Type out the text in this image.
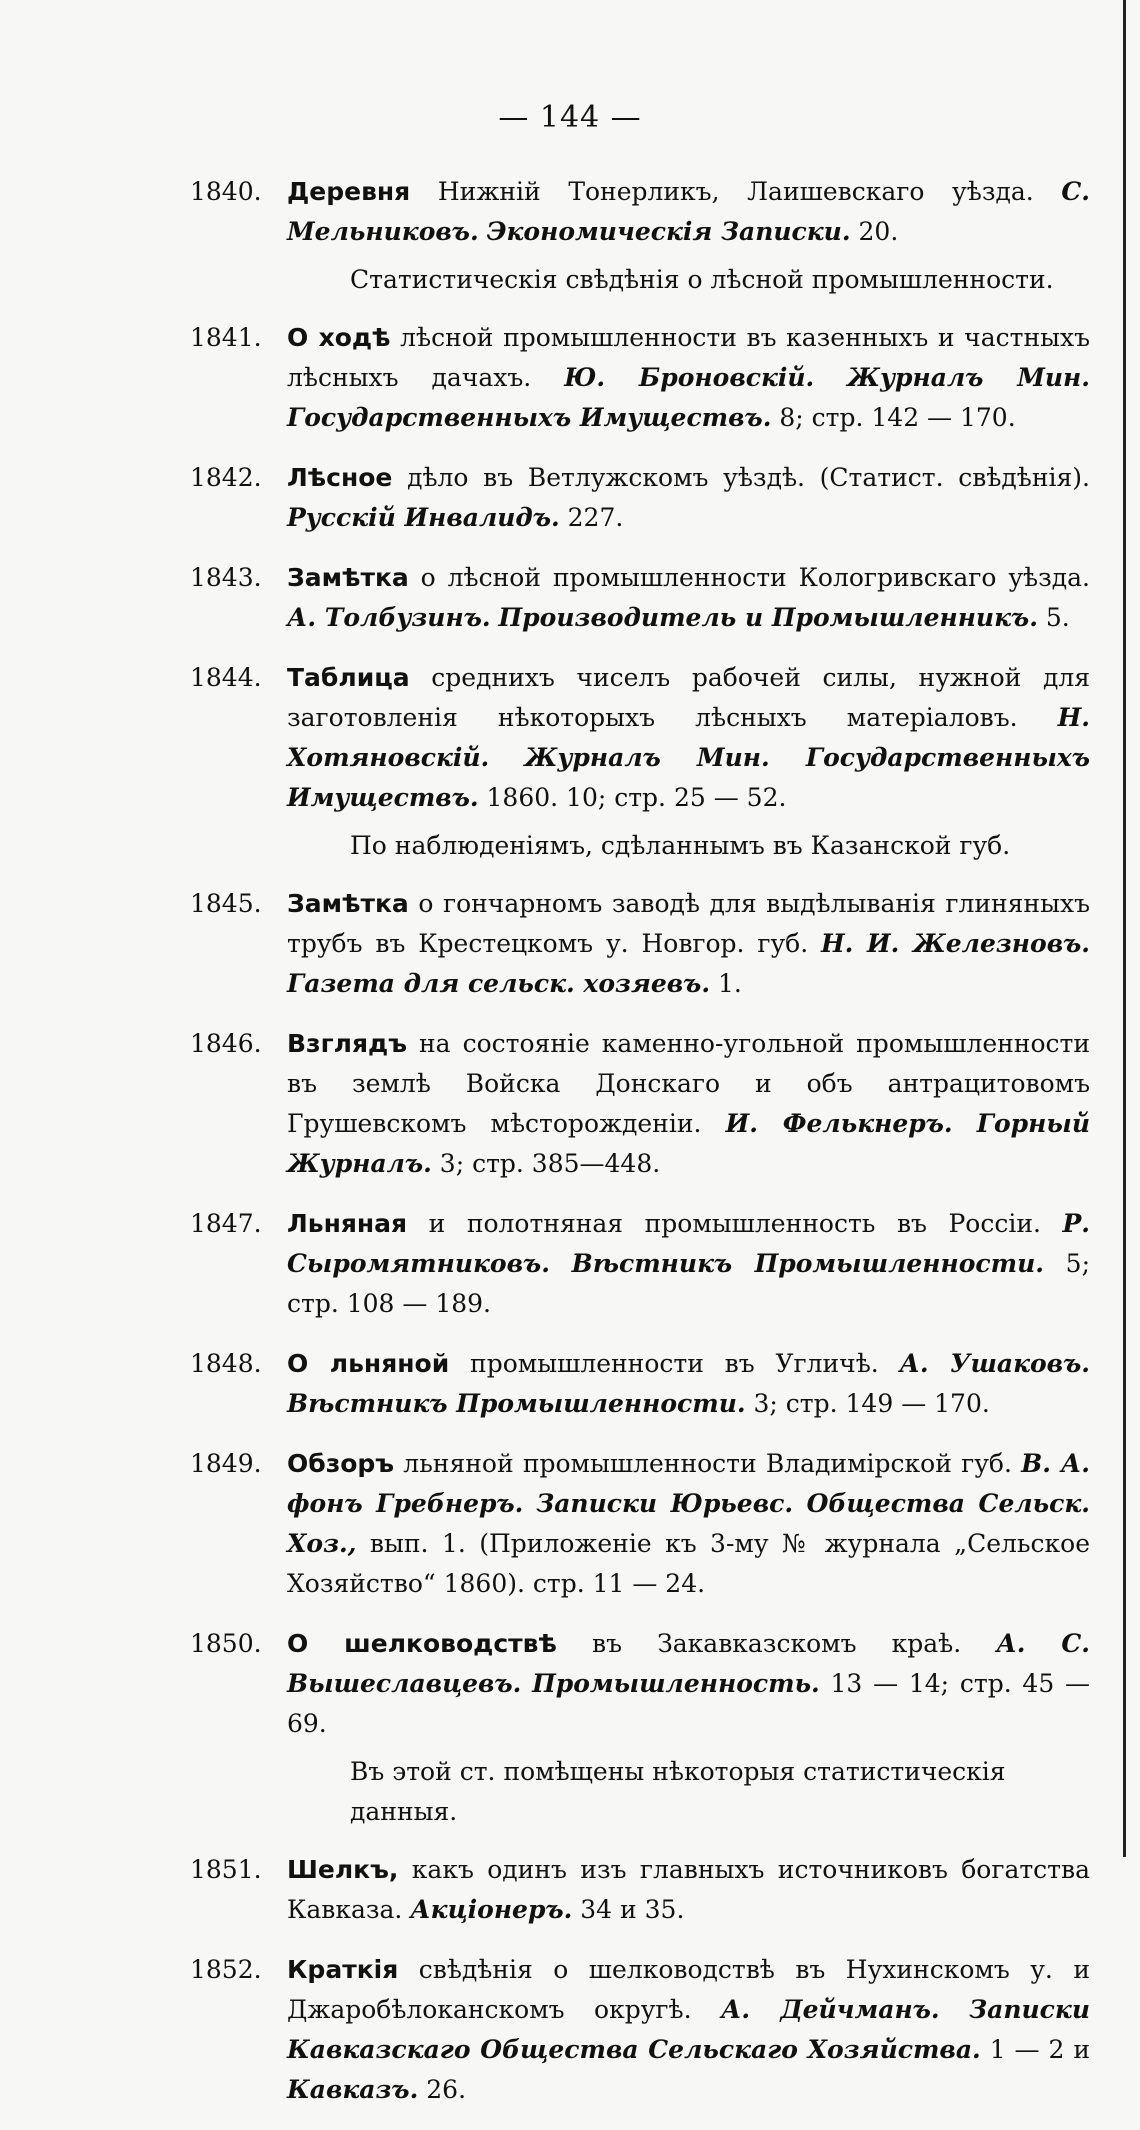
— 144 —
1840.	Деревня Нижній Тонерликъ, Лаишевскаго уѣзда. С. Мельниковъ. Экономическія Записки. 20.
Статистическія свѣдѣнія о лѣсной промышленности.
1841.	О ходѣ лѣсной промышленности въ казенныхъ и частныхъ лѣсныхъ дачахъ. Ю. Броновскій. Журналъ Мин. Государственныхъ Имуществъ. 8; стр. 142 — 170.
1842.	Лѣсное дѣло въ Ветлужскомъ уѣздѣ. (Статист. свѣдѣнія). Русскій Инвалидъ. 227.
1843.	Замѣтка о лѣсной промышленности Кологривскаго уѣзда. А. Толбузинъ. Производитель и Промышленникъ. 5.
1844.	Таблица среднихъ чиселъ рабочей силы, нужной для заготовленія нѣкоторыхъ лѣсныхъ матеріаловъ. Н. Хотяновскій. Журналъ Мин. Государственныхъ Имуществъ. 1860. 10; стр. 25 — 52.
По наблюденіямъ, сдѣланнымъ въ Казанской губ.
1845.	Замѣтка о гончарномъ заводѣ для выдѣлыванія глиняныхъ трубъ въ Крестецкомъ у. Новгор. губ. Н. И. Железновъ. Газета для сельск. хозяевъ. 1.
1846.	Взглядъ на состояніе каменно-угольной промышленности въ землѣ Войска Донскаго и объ антрацитовомъ Грушевскомъ мѣсторожденіи. И. Фелькнеръ. Горный Журналъ. 3; стр. 385—448.
1847.	Льняная и полотняная промышленность въ Россіи. Р. Сыромятниковъ. Вѣстникъ Промышленности. 5; стр. 108 — 189.
1848.	О льняной промышленности въ Угличѣ. А. Ушаковъ. Вѣстникъ Промышленности. 3; стр. 149 — 170.
1849.	Обзоръ льняной промышленности Владимірской губ. В. А. фонъ Гребнеръ. Записки Юрьевс. Общества Сельск. Хоз., вып. 1. (Приложеніе къ 3-му № журнала „Сельское Хозяйство“ 1860). стр. 11 — 24.
1850.	О шелководствѣ въ Закавказскомъ краѣ. А. С. Вышеславцевъ. Промышленность. 13 — 14; стр. 45 — 69.
Въ этой ст. помѣщены нѣкоторыя статистическія данныя.
1851.	Шелкъ, какъ одинъ изъ главныхъ источниковъ богатства Кавказа. Акціонеръ. 34 и 35.
1852.	Краткія свѣдѣнія о шелководствѣ въ Нухинскомъ у. и Джаробѣлоканскомъ округѣ. А. Дейчманъ. Записки Кавказскаго Общества Сельскаго Хозяйства. 1 — 2 и Кавказъ. 26.
